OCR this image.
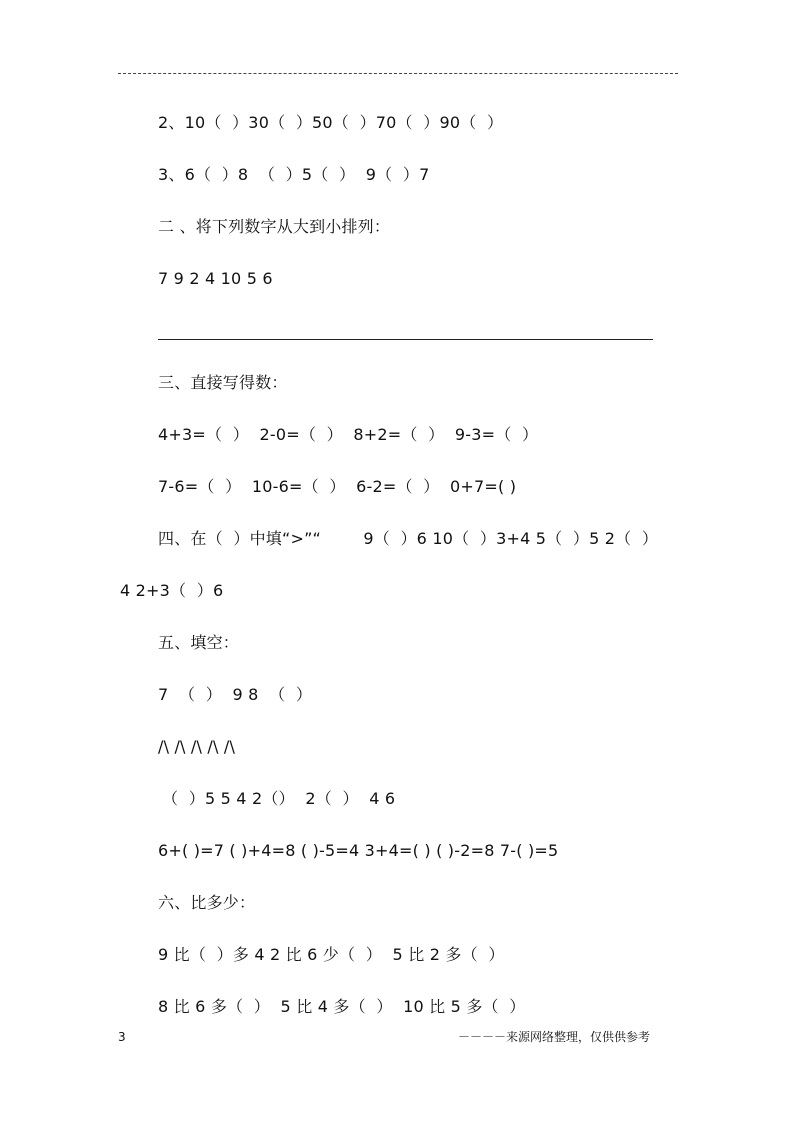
2、10（  ）30（  ）50（  ）70（  ）90（  ）
3、6（  ）8  （  ）5（  ）  9（  ）7
二 、将下列数字从大到小排列：
7 9 2 4 10 5 6
三、直接写得数：
4+3=（  ）  2-0=（  ）  8+2=（  ）  9-3=（  ）
7-6=（  ）  10-6=（  ）  6-2=（  ）  0+7=( )
四、在（  ）中填“>”“        9（  ）6 10（  ）3+4 5（  ）5 2（  ）
4 2+3（  ）6
五、填空：
7  （  ）  9 8  （  ）
/\ /\ /\ /\ /\
（  ）5 5 4 2（）  2（  ）  4 6
6+( )=7 ( )+4=8 ( )-5=4 3+4=( ) ( )-2=8 7-( )=5
六、比多少：
9 比（  ）多 4 2 比 6 少（  ）  5 比 2 多（  ）
8 比 6 多（  ）  5 比 4 多（  ）  10 比 5 多（  ）
3	－－－－来源网络整理，仅供供参考
